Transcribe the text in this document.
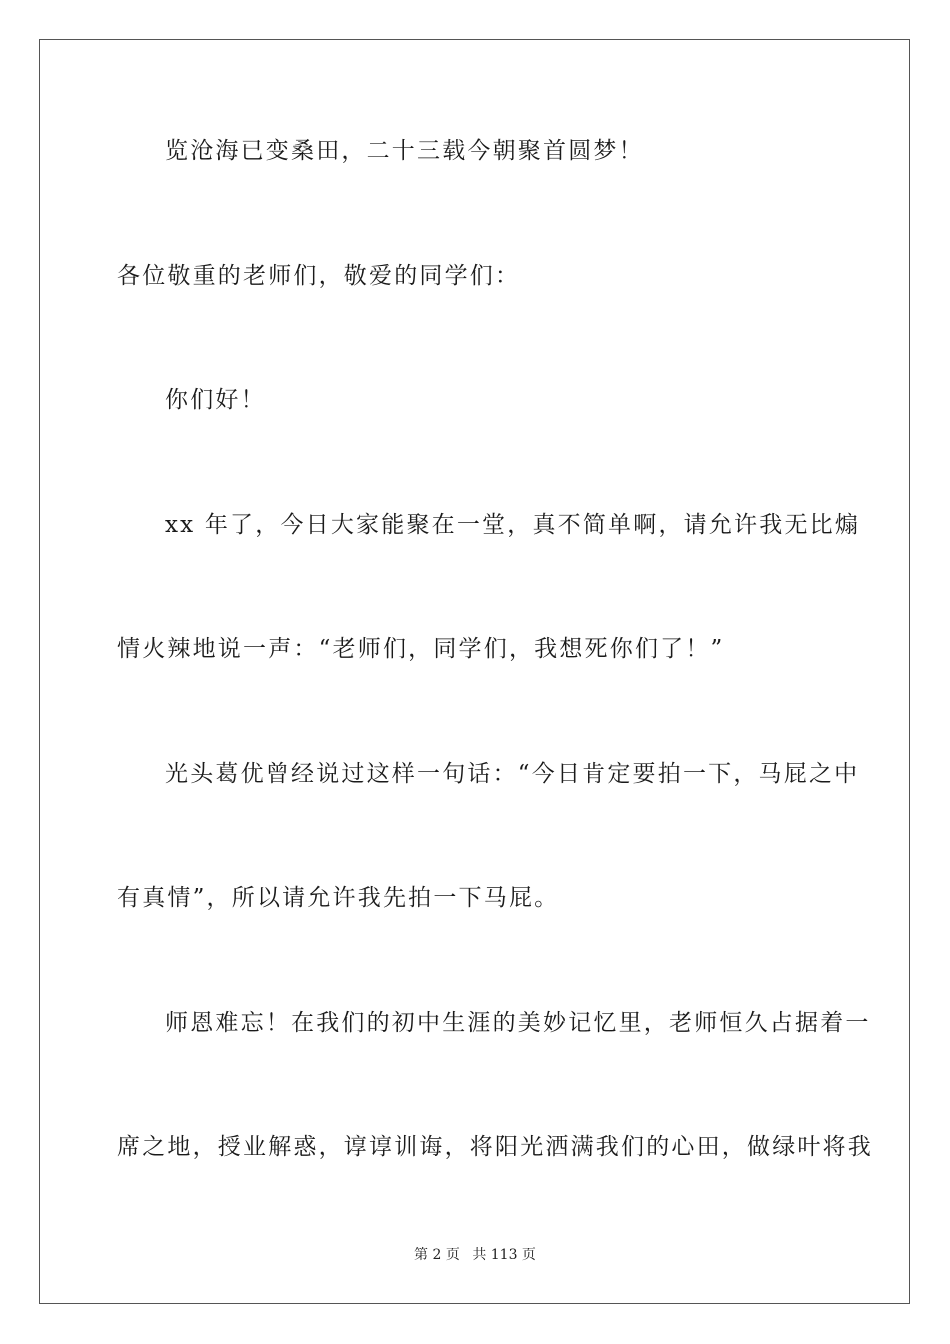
览沧海已变桑田，二十三载今朝聚首圆梦！
各位敬重的老师们，敬爱的同学们：
你们好！
xx 年了，今日大家能聚在一堂，真不简单啊，请允许我无比煽
情火辣地说一声：“老师们，同学们，我想死你们了！”
光头葛优曾经说过这样一句话：“今日肯定要拍一下，马屁之中
有真情”，所以请允许我先拍一下马屁。
师恩难忘！在我们的初中生涯的美妙记忆里，老师恒久占据着一
席之地，授业解惑，谆谆训诲，将阳光洒满我们的心田，做绿叶将我
第 2 页 共 113 页
